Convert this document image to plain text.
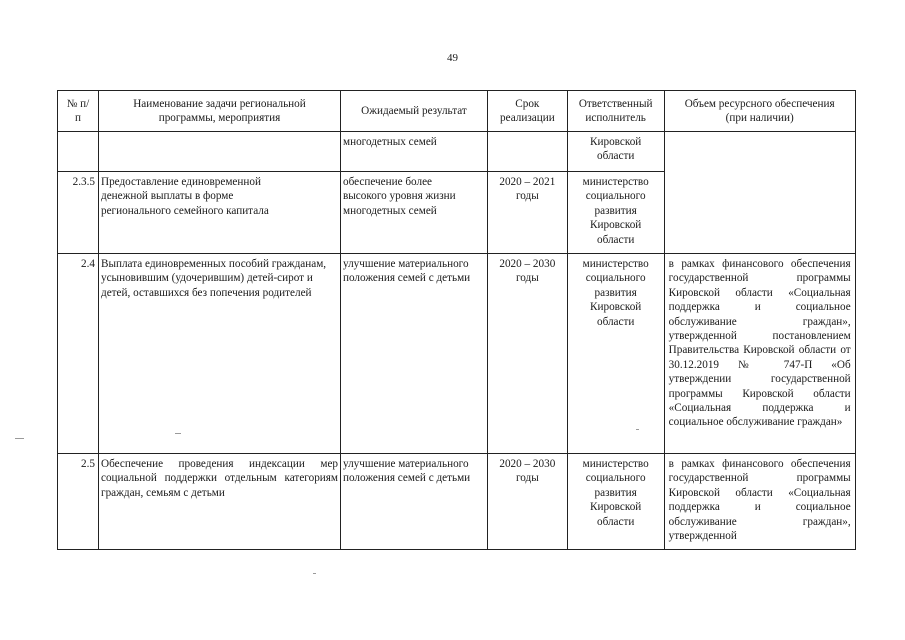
49
№ п/п	Наименование задачи региональной программы, мероприятия	Ожидаемый результат	Срок реализации	Ответственный исполнитель	Объем ресурсного обеспечения (при наличии)
		многодетных семей		Кировской области	
2.3.5	Предоставление единовременной денежной выплаты в форме регионального семейного капитала	обеспечение более высокого уровня жизни многодетных семей	2020 – 2021 годы	министерство социального развития Кировской области	
2.4	Выплата единовременных пособий гражданам, усыновившим (удочерившим) детей-сирот и детей, оставшихся без попечения родителей	улучшение материального положения семей с детьми	2020 – 2030 годы	министерство социального развития Кировской области	в рамках финансового обеспечения государственной программы Кировской области «Социальная поддержка и социальное обслуживание граждан», утвержденной постановлением Правительства Кировской области от 30.12.2019 № 747-П «Об утверждении государственной программы Кировской области «Социальная поддержка и социальное обслуживание граждан»
2.5	Обеспечение проведения индексации мер социальной поддержки отдельным категориям граждан, семьям с детьми	улучшение материального положения семей с детьми	2020 – 2030 годы	министерство социального развития Кировской области	в рамках финансового обеспечения государственной программы Кировской области «Социальная поддержка и социальное обслуживание граждан», утвержденной
